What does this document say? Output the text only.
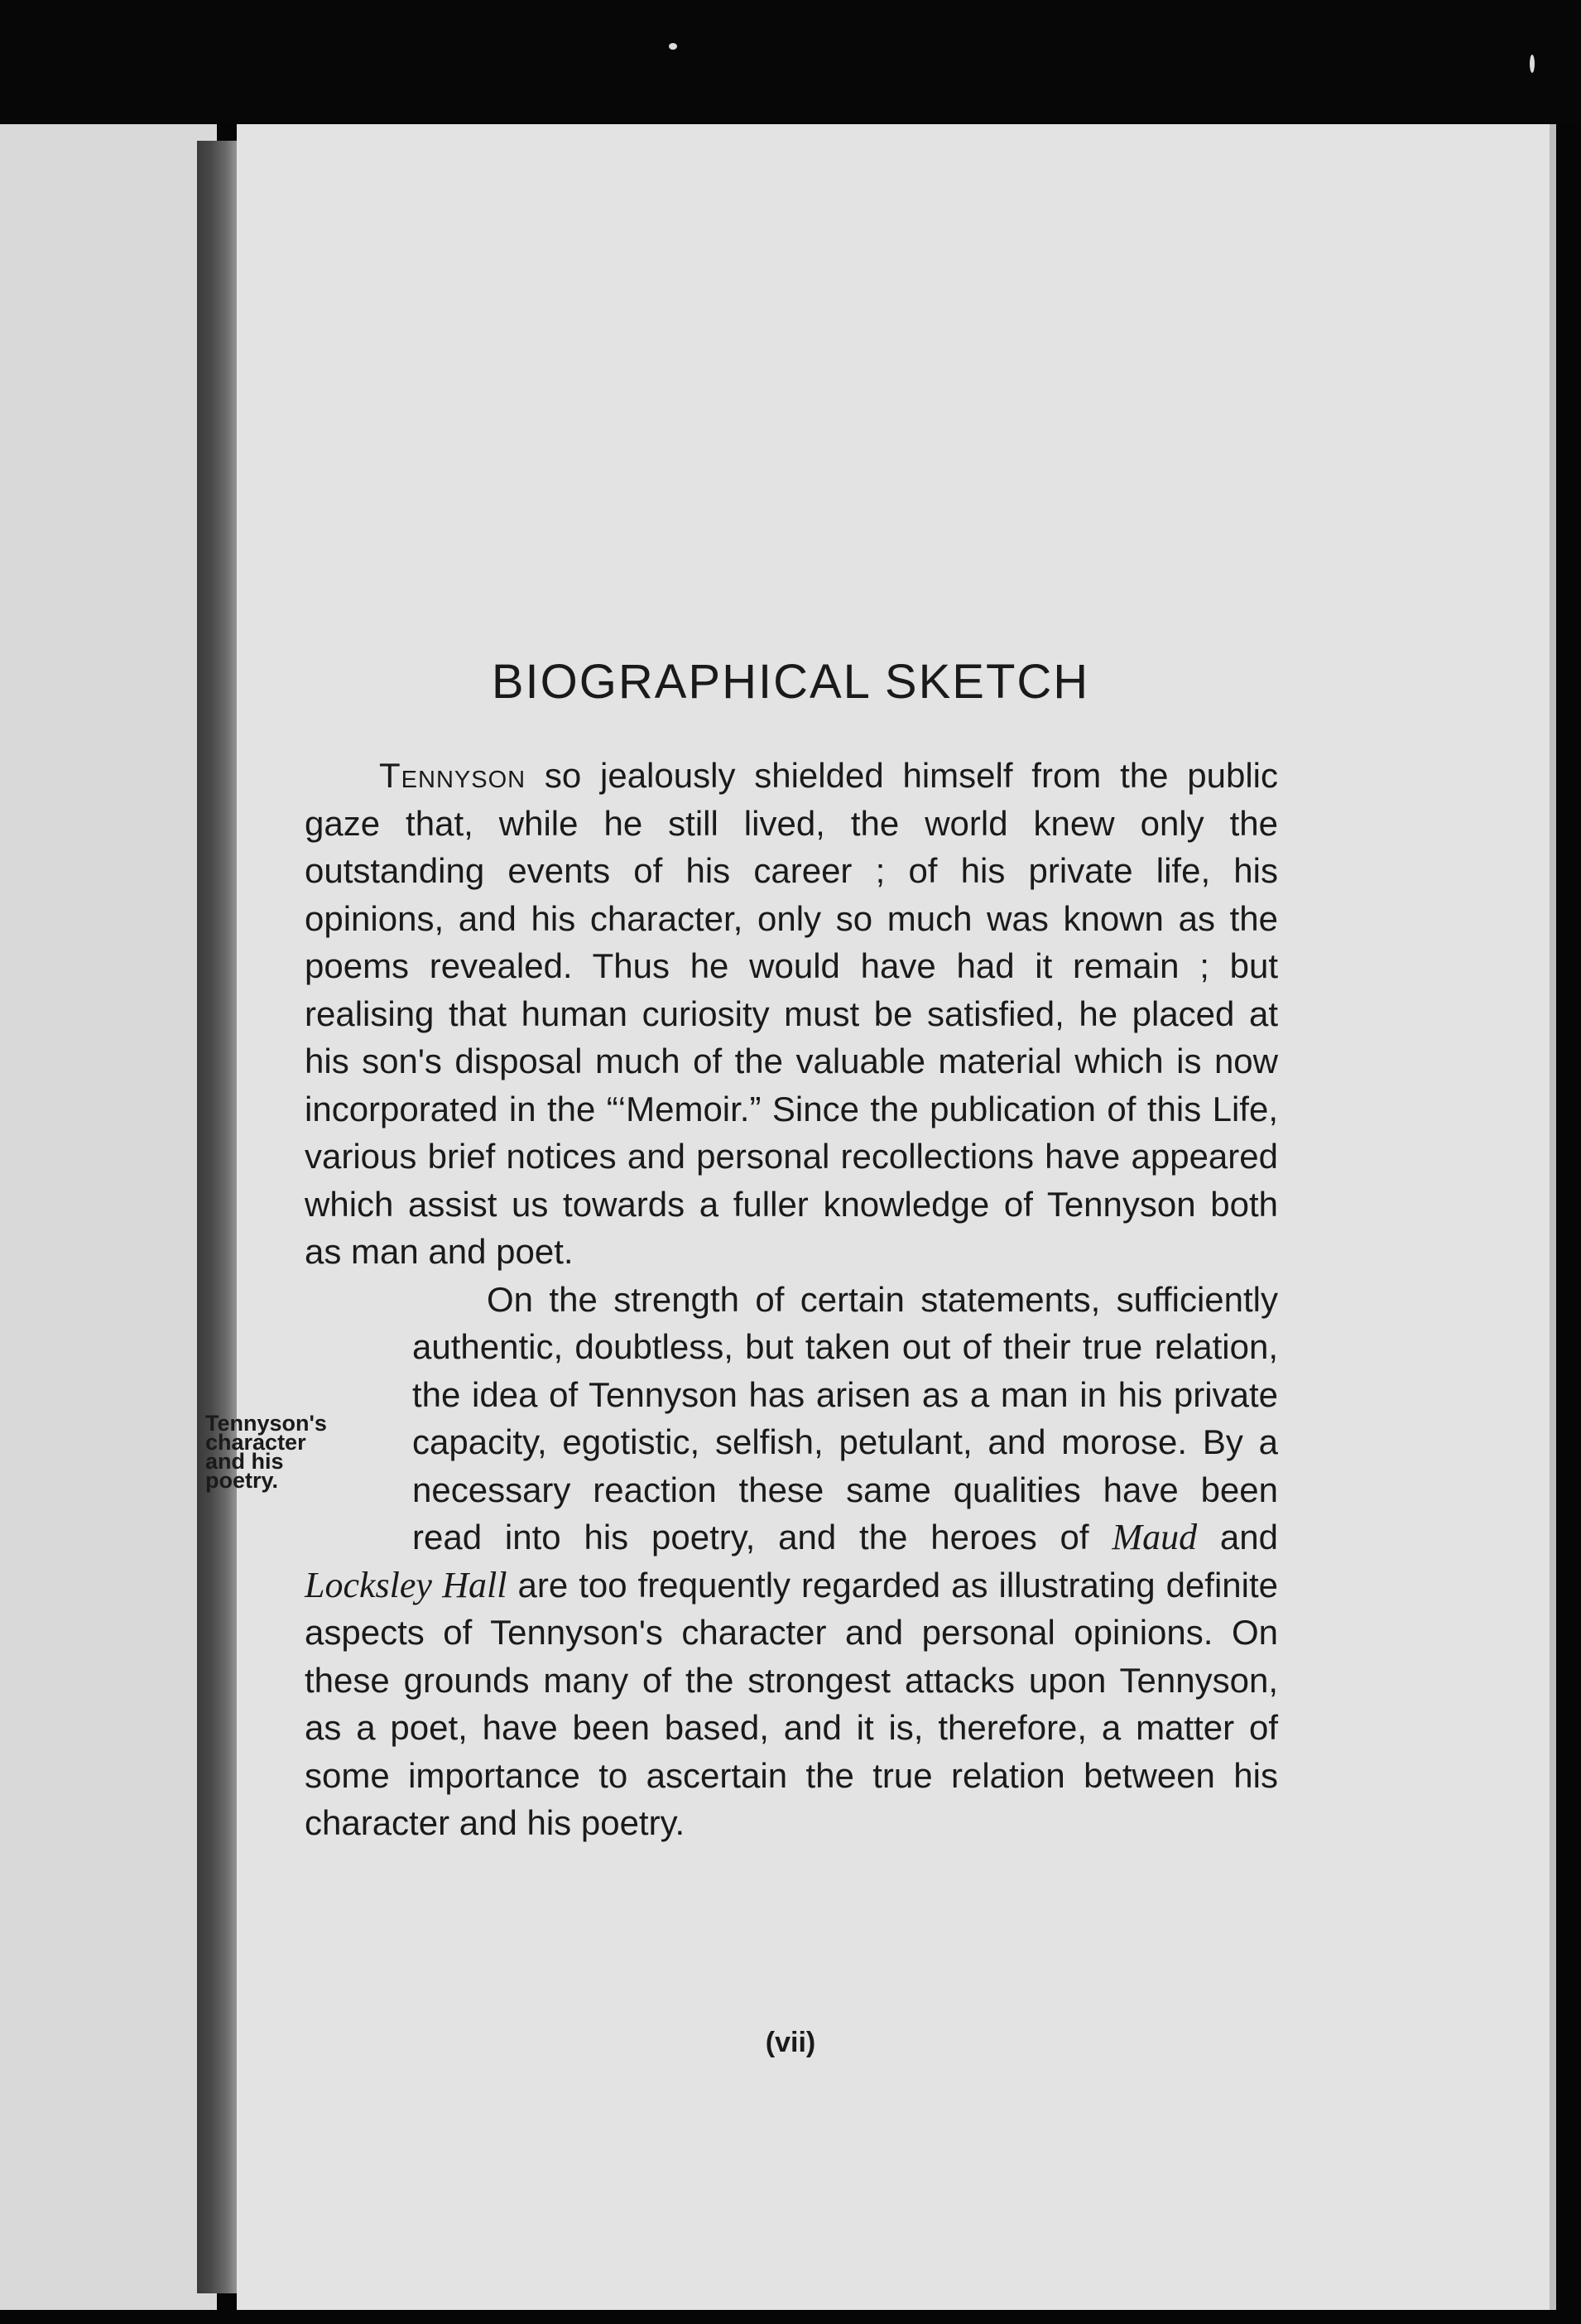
BIOGRAPHICAL SKETCH

Tennyson so jealously shielded himself from the public gaze that, while he still lived, the world knew only the outstanding events of his career ; of his private life, his opinions, and his character, only so much was known as the poems revealed. Thus he would have had it remain ; but realising that human curiosity must be satisfied, he placed at his son's disposal much of the valuable material which is now incorporated in the “‘Memoir.” Since the publication of this Life, various brief notices and personal recollections have appeared which assist us towards a fuller knowledge of Tennyson both as man and poet.

Tennyson's
character
and his
poetry.
On the strength of certain statements, sufficiently authentic, doubtless, but taken out of their true relation, the idea of Tennyson has arisen as a man in his private capacity, egotistic, selfish, petulant, and morose. By a necessary reaction these same qualities have been read into his poetry, and the heroes of Maud and Locksley Hall are too frequently regarded as illustrating definite aspects of Tennyson's character and personal opinions. On these grounds many of the strongest attacks upon Tennyson, as a poet, have been based, and it is, therefore, a matter of some importance to ascertain the true relation between his character and his poetry.

(vii)
